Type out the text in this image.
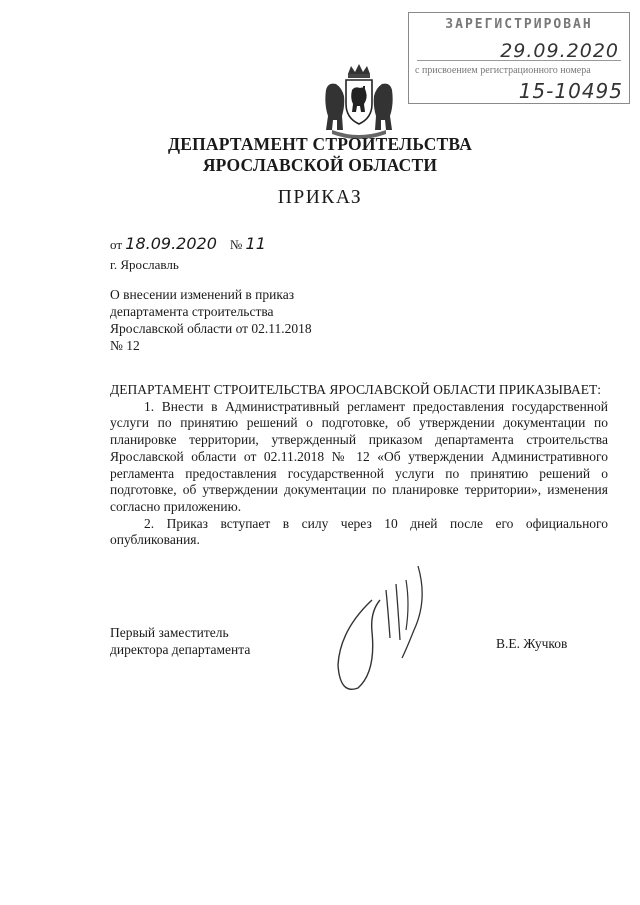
ЗАРЕГИСТРИРОВАН
29.09.2020
с присвоением регистрационного номера
15-10495
ДЕПАРТАМЕНТ СТРОИТЕЛЬСТВА
ЯРОСЛАВСКОЙ ОБЛАСТИ
ПРИКАЗ
от 18.09.2020 № 11
г. Ярославль
О внесении изменений в приказ
департамента строительства
Ярославской области от 02.11.2018
№ 12

ДЕПАРТАМЕНТ СТРОИТЕЛЬСТВА ЯРОСЛАВСКОЙ ОБЛАСТИ ПРИКАЗЫВАЕТ:

1. Внести в Административный регламент предоставления государственной услуги по принятию решений о подготовке, об утверждении документации по планировке территории, утвержденный приказом департамента строительства Ярославской области от 02.11.2018 № 12 «Об утверждении Административного регламента предоставления государственной услуги по принятию решений о подготовке, об утверждении документации по планировке территории», изменения согласно приложению.

2. Приказ вступает в силу через 10 дней после его официального опубликования.

Первый заместитель
директора департамента	В.Е. Жучков
